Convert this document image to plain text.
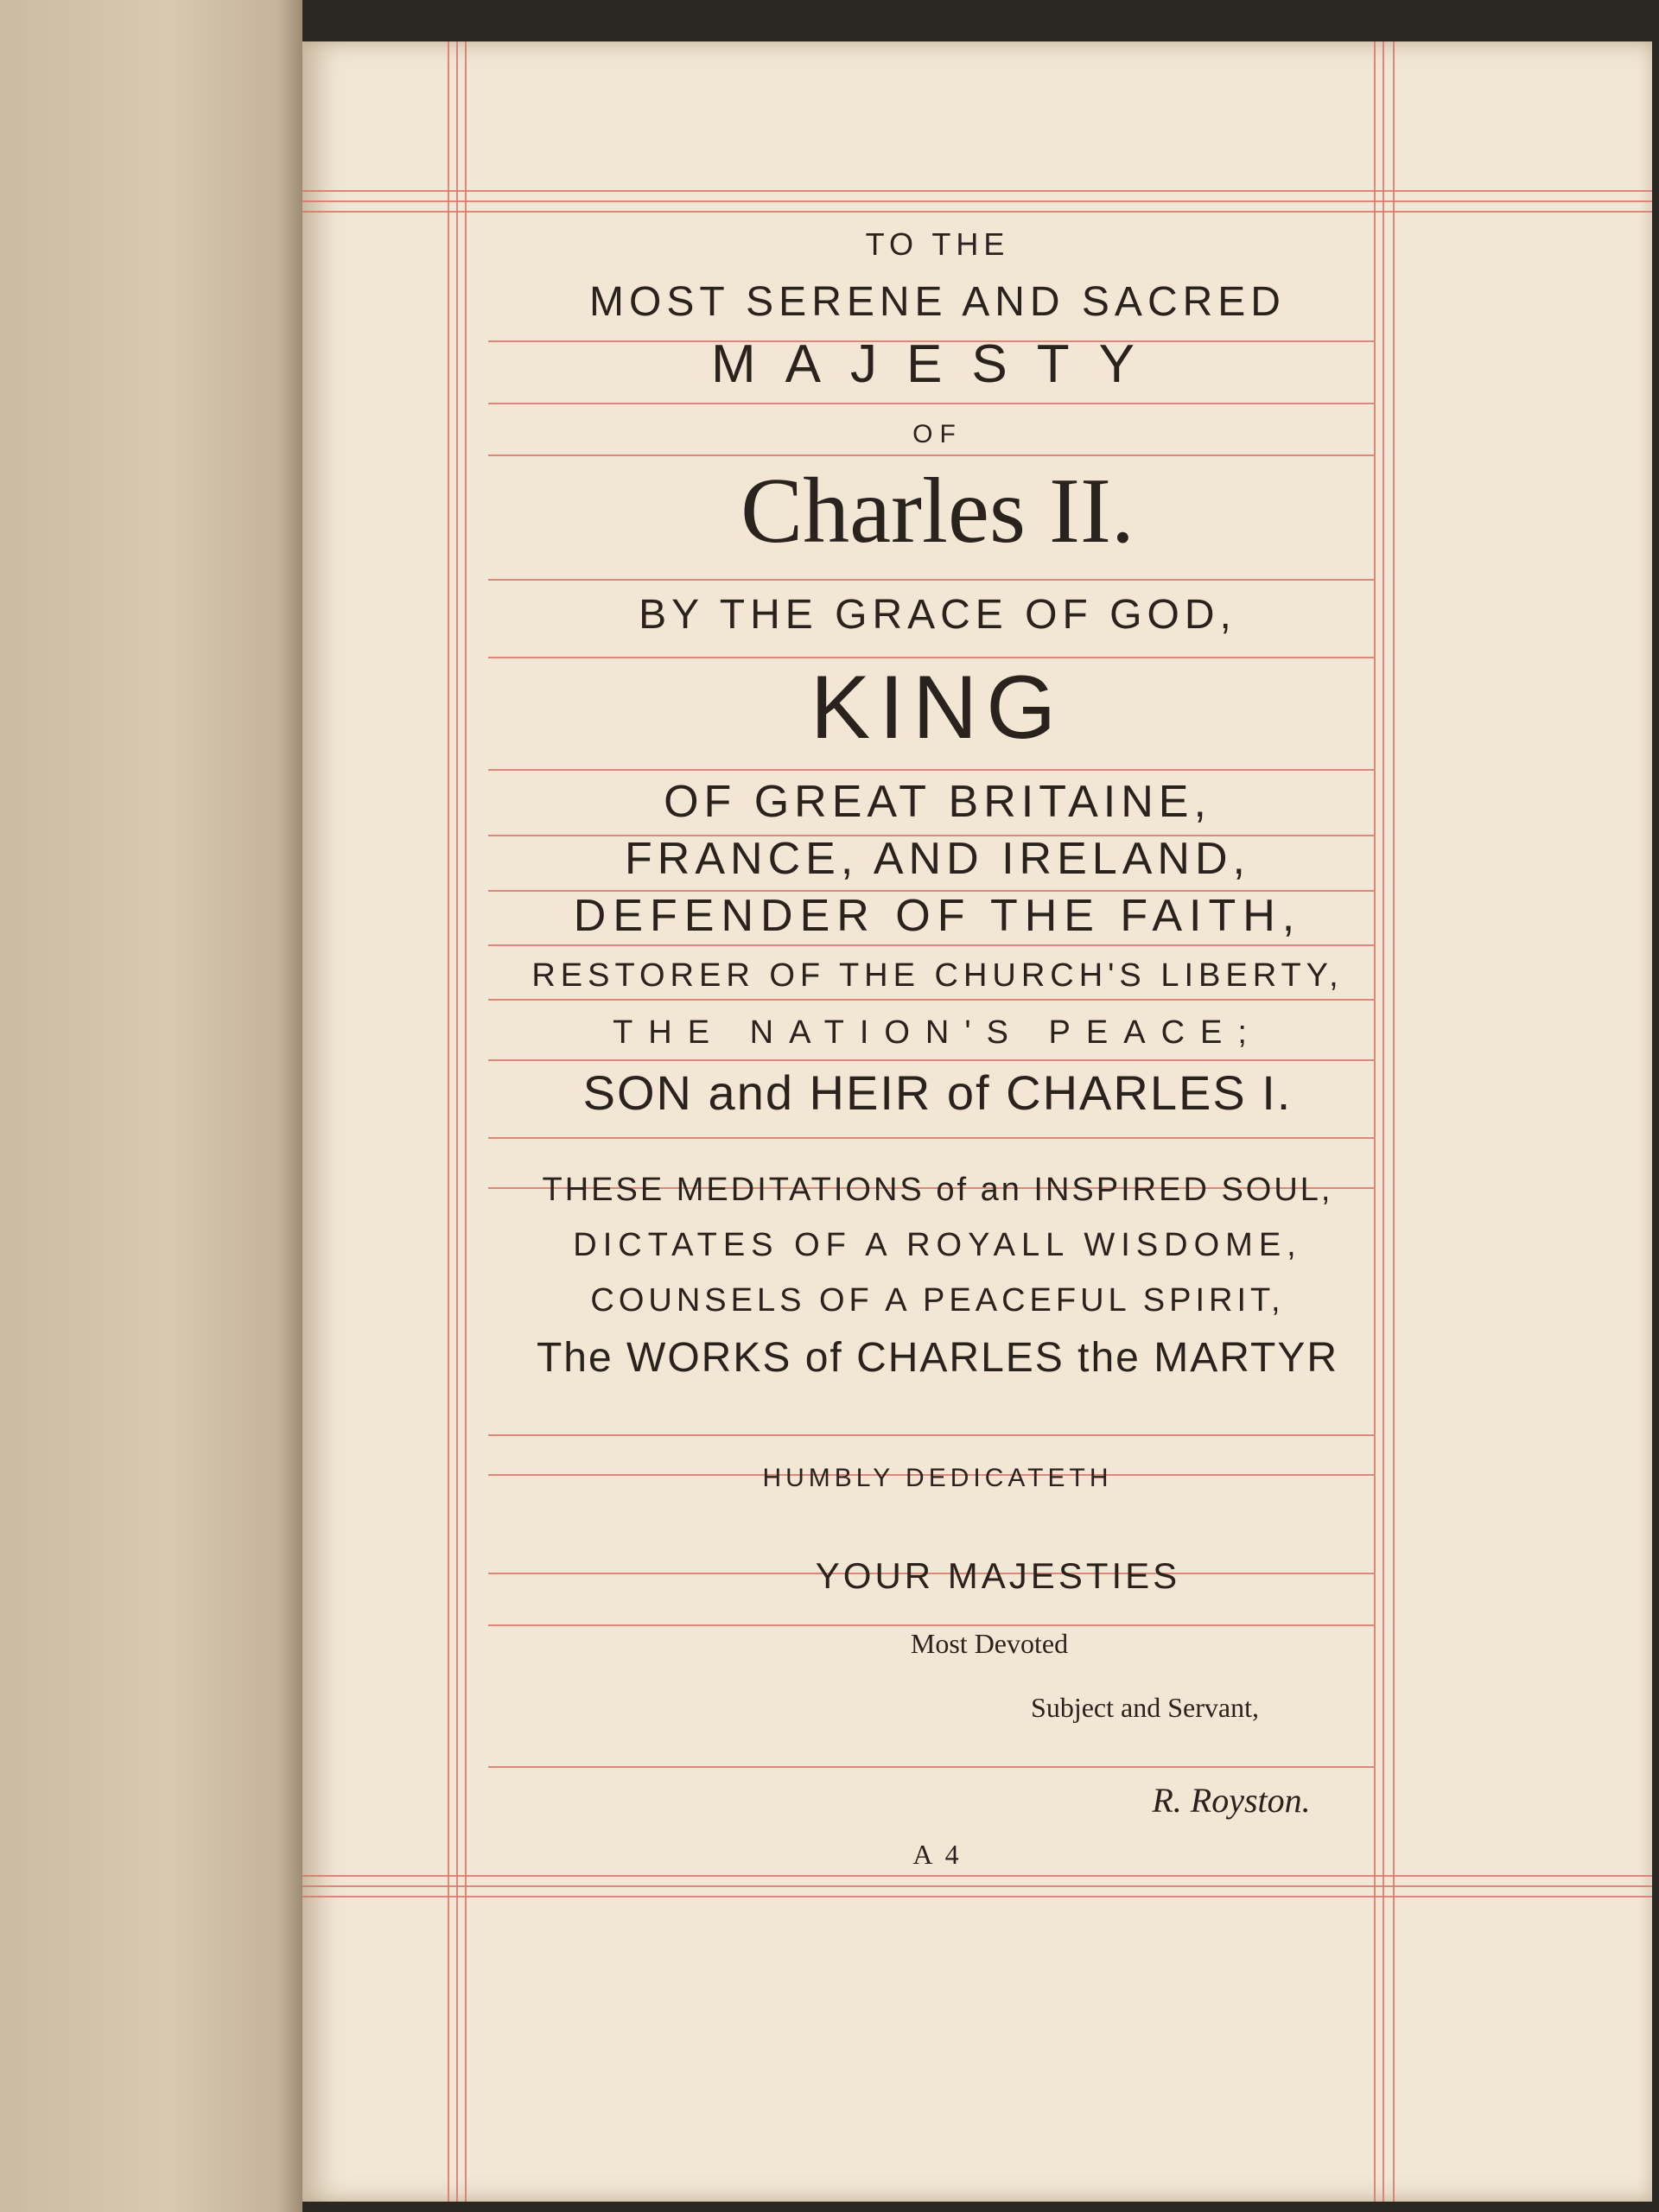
TO THE
MOST SERENE AND SACRED
MAJESTY
OF
Charles II.
BY THE GRACE OF GOD,
KING
OF GREAT BRITAINE,
FRANCE, AND IRELAND,
DEFENDER OF THE FAITH,
RESTORER OF THE CHURCH'S LIBERTY,
THE NATION'S PEACE;
SON and HEIR of CHARLES I.
THESE MEDITATIONS of an INSPIRED SOUL,
DICTATES OF A ROYALL WISDOME,
COUNSELS OF A PEACEFUL SPIRIT,
The WORKS of CHARLES the MARTYR
HUMBLY DEDICATETH
YOUR MAJESTIES
Most Devoted
Subject and Servant,
R. Royston.
A 4
